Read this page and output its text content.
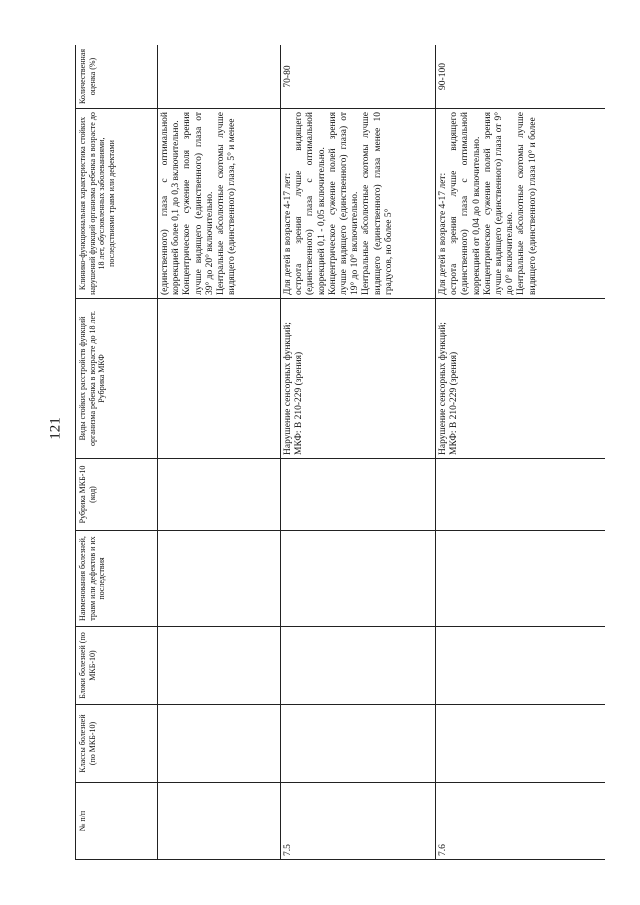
121
№ п/п	Классы болезней (по МКБ-10)	Блоки болезней (по МКБ-10)	Наименования болезней, травм или дефектов и их последствия	Рубрика МКБ-10 (код)	Виды стойких расстройств функций организма ребенка в возрасте до 18 лет. Рубрика МКФ	Клинико-функциональная характеристика стойких нарушений функций организма ребенка в возрасте до 18 лет, обусловленных заболеваниями, последствиями травм или дефектами	Количественная оценка (%)

						(единственного) глаза с оптимальной коррекцией более 0,1 до 0,3 включительно. Концентрическое сужение поля зрения лучше видящего (единственного) глаза от 39° до 20° включительно. Центральные абсолютные скотомы лучше видящего (единственного) глаза, 5° и менее	

7.5					Нарушение сенсорных функций; МКФ: B 210-229 (зрения)	Для детей в возрасте 4-17 лет: острота зрения лучше видящего (единственного) глаза с оптимальной коррекцией 0,1 - 0,05 включительно. Концентрическое сужение полей зрения лучше видящего (единственного) глаза) от 19° до 10° включительно. Центральные абсолютные скотомы лучше видящего (единственного) глаза менее 10 градусов, но более 5°	70-80
7.6					Нарушение сенсорных функций; МКФ: B 210-229 (зрения)	Для детей в возрасте 4-17 лет: острота зрения лучше видящего (единственного) глаза с оптимальной коррекцией от 0,04 до 0 включительно. Концентрическое сужение полей зрения лучше видящего (единственного) глаза от 9° до 0° включительно. Центральные абсолютные скотомы лучше видящего (единственного) глаза 10° и более	90-100
